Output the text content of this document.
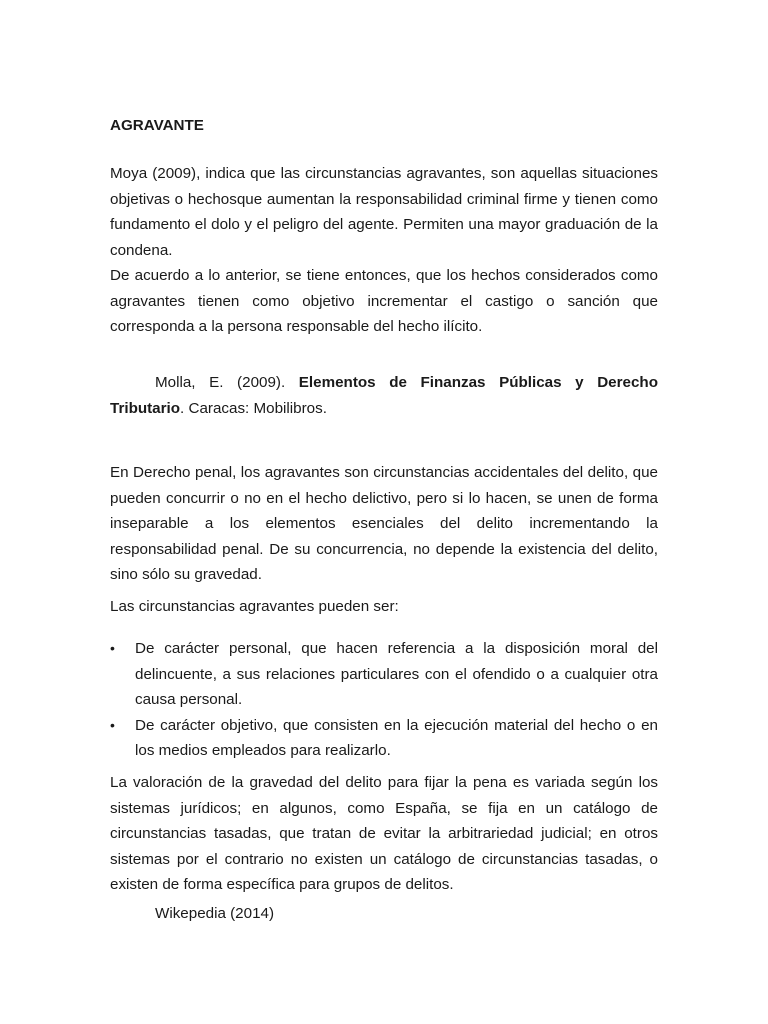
AGRAVANTE

Moya (2009), indica que las circunstancias agravantes, son aquellas situaciones objetivas o hechosque aumentan la responsabilidad criminal firme y tienen como fundamento el dolo y el peligro del agente. Permiten una mayor graduación de la condena.

De acuerdo a lo anterior, se tiene entonces, que los hechos considerados como agravantes tienen como objetivo incrementar el castigo o sanción que corresponda a la persona responsable del hecho ilícito.

Molla, E. (2009). Elementos de Finanzas Públicas y Derecho Tributario. Caracas: Mobilibros.

En Derecho penal, los agravantes son circunstancias accidentales del delito, que pueden concurrir o no en el hecho delictivo, pero si lo hacen, se unen de forma inseparable a los elementos esenciales del delito incrementando la responsabilidad penal. De su concurrencia, no depende la existencia del delito, sino sólo su gravedad.

Las circunstancias agravantes pueden ser:

•	De carácter personal, que hacen referencia a la disposición moral del delincuente, a sus relaciones particulares con el ofendido o a cualquier otra causa personal.
•	De carácter objetivo, que consisten en la ejecución material del hecho o en los medios empleados para realizarlo.

La valoración de la gravedad del delito para fijar la pena es variada según los sistemas jurídicos; en algunos, como España, se fija en un catálogo de circunstancias tasadas, que tratan de evitar la arbitrariedad judicial; en otros sistemas por el contrario no existen un catálogo de circunstancias tasadas, o existen de forma específica para grupos de delitos.

Wikepedia (2014)
